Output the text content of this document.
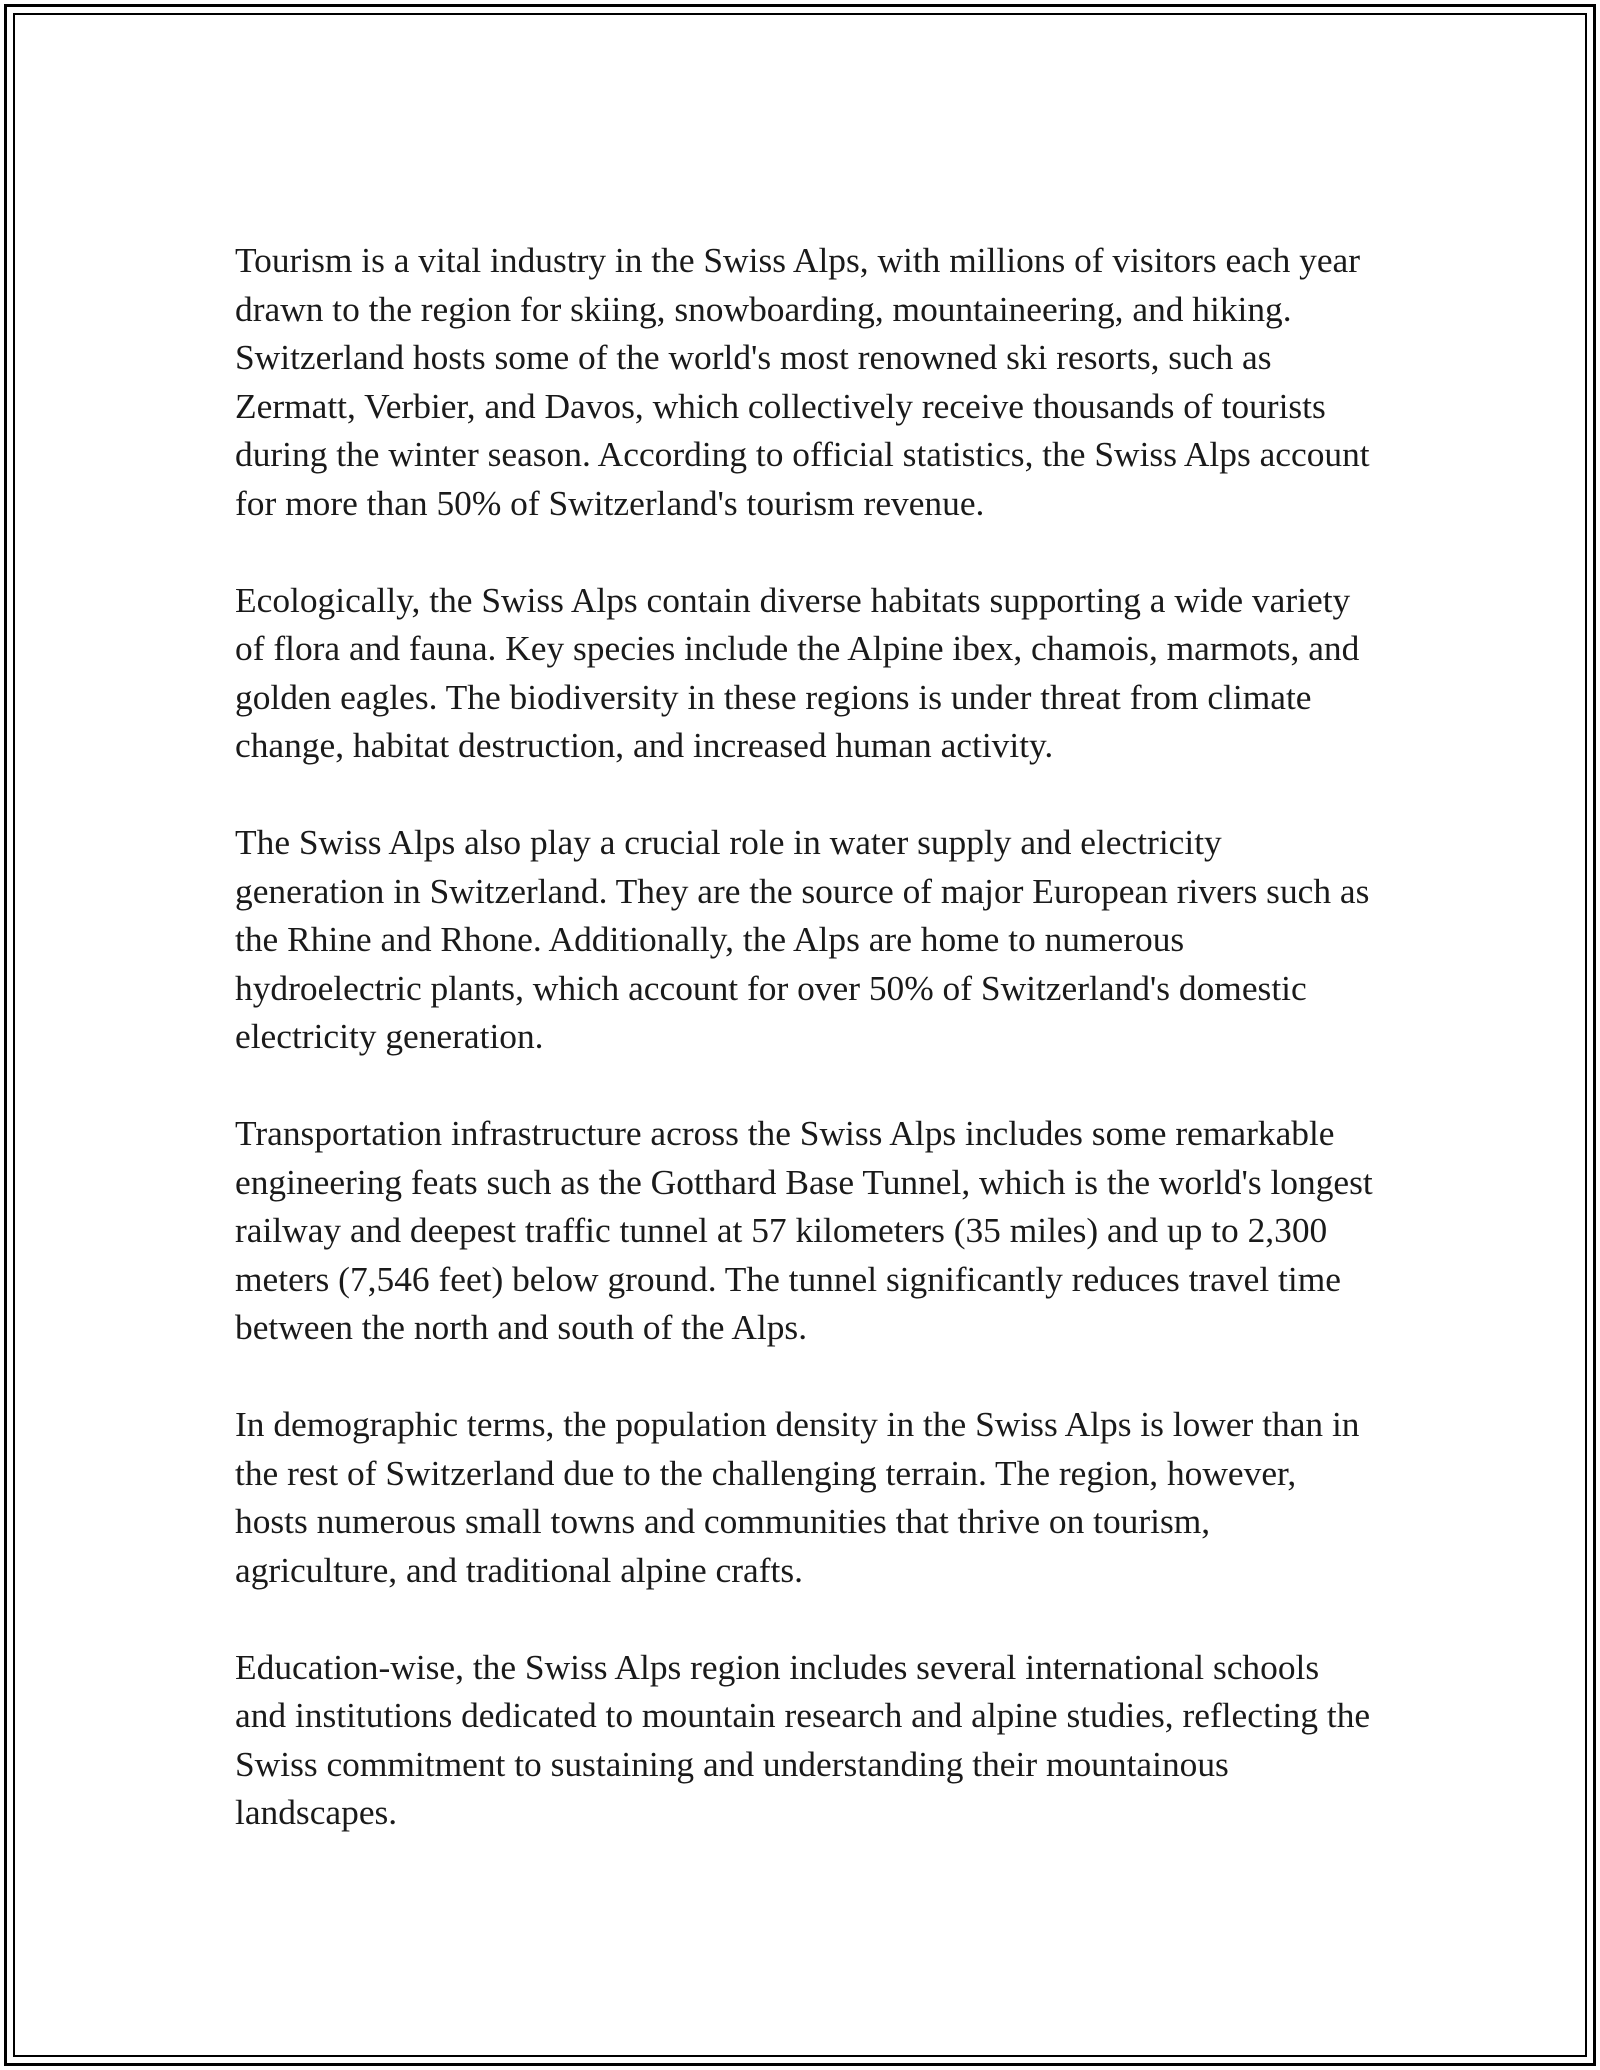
Tourism is a vital industry in the Swiss Alps, with millions of visitors each year drawn to the region for skiing, snowboarding, mountaineering, and hiking. Switzerland hosts some of the world's most renowned ski resorts, such as Zermatt, Verbier, and Davos, which collectively receive thousands of tourists during the winter season. According to official statistics, the Swiss Alps account for more than 50% of Switzerland's tourism revenue.

Ecologically, the Swiss Alps contain diverse habitats supporting a wide variety of flora and fauna. Key species include the Alpine ibex, chamois, marmots, and golden eagles. The biodiversity in these regions is under threat from climate change, habitat destruction, and increased human activity.

The Swiss Alps also play a crucial role in water supply and electricity generation in Switzerland. They are the source of major European rivers such as the Rhine and Rhone. Additionally, the Alps are home to numerous hydroelectric plants, which account for over 50% of Switzerland's domestic electricity generation.

Transportation infrastructure across the Swiss Alps includes some remarkable engineering feats such as the Gotthard Base Tunnel, which is the world's longest railway and deepest traffic tunnel at 57 kilometers (35 miles) and up to 2,300 meters (7,546 feet) below ground. The tunnel significantly reduces travel time between the north and south of the Alps.

In demographic terms, the population density in the Swiss Alps is lower than in the rest of Switzerland due to the challenging terrain. The region, however, hosts numerous small towns and communities that thrive on tourism, agriculture, and traditional alpine crafts.

Education-wise, the Swiss Alps region includes several international schools and institutions dedicated to mountain research and alpine studies, reflecting the Swiss commitment to sustaining and understanding their mountainous landscapes.
